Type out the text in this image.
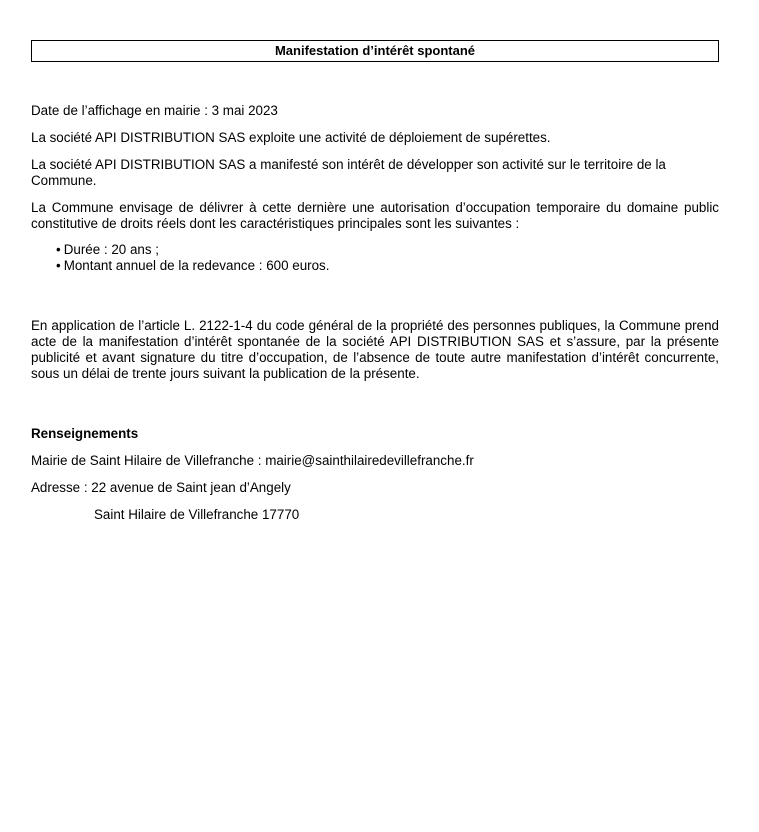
Manifestation d’intérêt spontané

Date de l’affichage en mairie : 3 mai 2023

La société API DISTRIBUTION SAS exploite une activité de déploiement de supérettes.

La société API DISTRIBUTION SAS a manifesté son intérêt de développer son activité sur le territoire de la Commune.

La Commune envisage de délivrer à cette dernière une autorisation d’occupation temporaire du domaine public constitutive de droits réels dont les caractéristiques principales sont les suivantes :

• Durée : 20 ans ;
• Montant annuel de la redevance : 600 euros.

En application de l’article L. 2122-1-4 du code général de la propriété des personnes publiques, la Commune prend acte de la manifestation d’intérêt spontanée de la société API DISTRIBUTION SAS et s’assure, par la présente publicité et avant signature du titre d’occupation, de l’absence de toute autre manifestation d’intérêt concurrente, sous un délai de trente jours suivant la publication de la présente.

Renseignements

Mairie de Saint Hilaire de Villefranche : mairie@sainthilairedevillefranche.fr

Adresse : 22 avenue de Saint jean d’Angely

Saint Hilaire de Villefranche 17770
